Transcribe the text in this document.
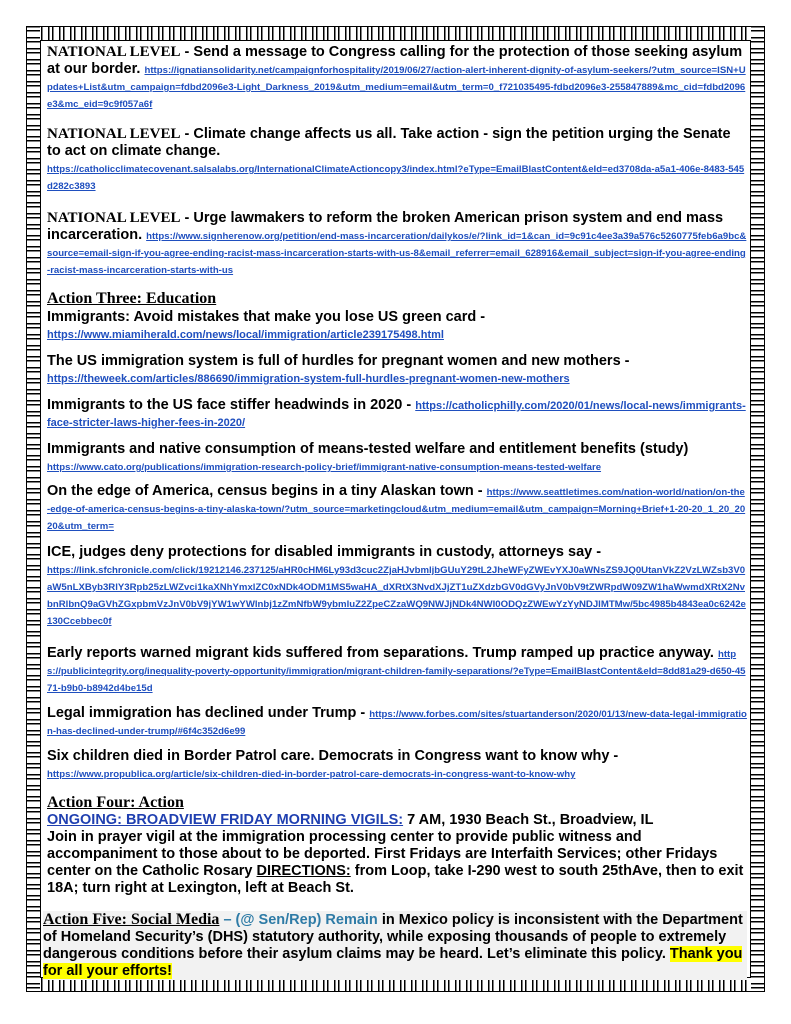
NATIONAL LEVEL - Send a message to Congress calling for the protection of those seeking asylum at our border. https://ignatiansolidarity.net/campaignforhospitality/2019/06/27/action-alert-inherent-dignity-of-asylum-seekers/?utm_source=ISN+Updates+List&utm_campaign=fdbd2096e3-Light_Darkness_2019&utm_medium=email&utm_term=0_f721035495-fdbd2096e3-255847889&mc_cid=fdbd2096e3&mc_eid=9c9f057a6f

NATIONAL LEVEL - Climate change affects us all. Take action - sign the petition urging the Senate to act on climate change.
https://catholicclimatecovenant.salsalabs.org/InternationalClimateActioncopy3/index.html?eType=EmailBlastContent&eId=ed3708da-a5a1-406e-8483-545d282c3893

NATIONAL LEVEL - Urge lawmakers to reform the broken American prison system and end mass incarceration. https://www.signherenow.org/petition/end-mass-incarceration/dailykos/e/?link_id=1&can_id=9c91c4ee3a39a576c5260775feb6a9bc&source=email-sign-if-you-agree-ending-racist-mass-incarceration-starts-with-us-8&email_referrer=email_628916&email_subject=sign-if-you-agree-ending-racist-mass-incarceration-starts-with-us

Action Three: Education

Immigrants: Avoid mistakes that make you lose US green card -
https://www.miamiherald.com/news/local/immigration/article239175498.html

The US immigration system is full of hurdles for pregnant women and new mothers -
https://theweek.com/articles/886690/immigration-system-full-hurdles-pregnant-women-new-mothers

Immigrants to the US face stiffer headwinds in 2020 - https://catholicphilly.com/2020/01/news/local-news/immigrants-face-stricter-laws-higher-fees-in-2020/

Immigrants and native consumption of means-tested welfare and entitlement benefits (study)
https://www.cato.org/publications/immigration-research-policy-brief/immigrant-native-consumption-means-tested-welfare

On the edge of America, census begins in a tiny Alaskan town - https://www.seattletimes.com/nation-world/nation/on-the-edge-of-america-census-begins-a-tiny-alaska-town/?utm_source=marketingcloud&utm_medium=email&utm_campaign=Morning+Brief+1-20-20_1_20_2020&utm_term=

ICE, judges deny protections for disabled immigrants in custody, attorneys say -
https://link.sfchronicle.com/click/19212146.237125/aHR0cHM6Ly93d3cuc2ZjaHJvbmljbGUuY29tL2JheWFyZWEvYXJ0aWNsZS9JQ0UtanVkZ2VzLWZsb3V0aW5nLXByb3RlY3Rpb25zLWZvci1kaXNhYmxlZC0xNDk4ODM1MS5waHA_dXRtX3NvdXJjZT1uZXdzbGV0dGVyJnV0bV9tZWRpdW09ZW1haWwmdXRtX2NvbnRlbnQ9aGVhZGxpbmVzJnV0bV9jYW1wYWlnbj1zZmNfbW9ybmluZ2ZpeCZzaWQ9NWJjNDk4NWI0ODQzZWEwYzYyNDJlMTMw/5bc4985b4843ea0c6242e130Ccebbec0f

Early reports warned migrant kids suffered from separations. Trump ramped up practice anyway. https://publicintegrity.org/inequality-poverty-opportunity/immigration/migrant-children-family-separations/?eType=EmailBlastContent&eId=8dd81a29-d650-4571-b9b0-b8942d4be15d

Legal immigration has declined under Trump - https://www.forbes.com/sites/stuartanderson/2020/01/13/new-data-legal-immigration-has-declined-under-trump/#6f4c352d6e99

Six children died in Border Patrol care. Democrats in Congress want to know why -
https://www.propublica.org/article/six-children-died-in-border-patrol-care-democrats-in-congress-want-to-know-why

Action Four: Action

ONGOING: BROADVIEW FRIDAY MORNING VIGILS: 7 AM, 1930 Beach St., Broadview, IL
Join in prayer vigil at the immigration processing center to provide public witness and accompaniment to those about to be deported. First Fridays are Interfaith Services; other Fridays center on the Catholic Rosary DIRECTIONS: from Loop, take I-290 west to south 25thAve, then to exit 18A; turn right at Lexington, left at Beach St.

Action Five: Social Media – (@ Sen/Rep) Remain in Mexico policy is inconsistent with the Department of Homeland Security’s (DHS) statutory authority, while exposing thousands of people to extremely dangerous conditions before their asylum claims may be heard. Let’s eliminate this policy. Thank you for all your efforts!
